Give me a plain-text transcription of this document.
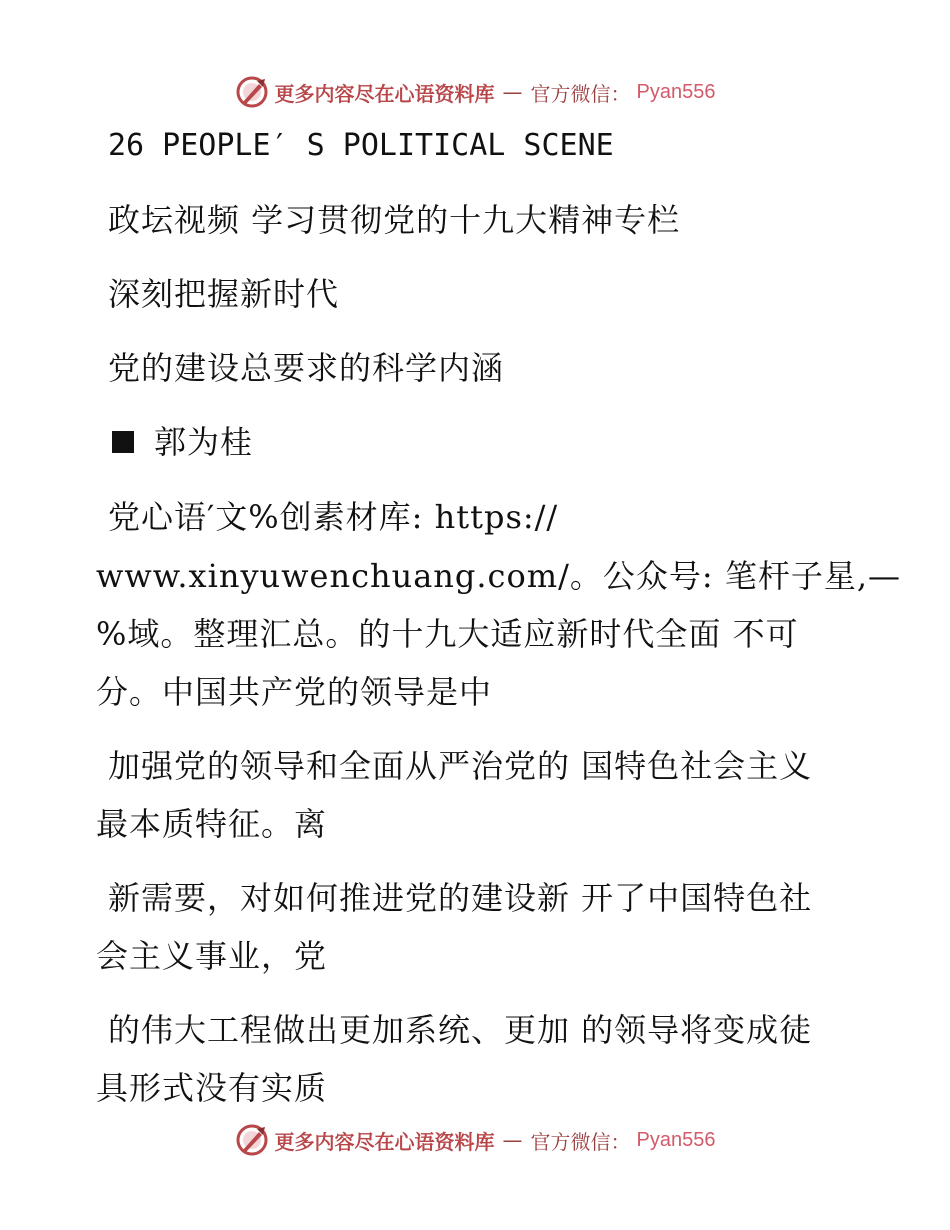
更多内容尽在心语资料库 — 官方微信： Pyan556
26 PEOPLE′ S POLITICAL SCENE
政坛视频 学习贯彻党的十九大精神专栏
深刻把握新时代
党的建设总要求的科学内涵
郭为桂
党心语′文%创素材库: https://
www.xinyuwenchuang.com/。公众号: 笔杆子星,—
%域。整理汇总。的十九大适应新时代全面 不可
分。中国共产党的领导是中
加强党的领导和全面从严治党的 国特色社会主义
最本质特征。离
新需要，对如何推进党的建设新 开了中国特色社
会主义事业，党
的伟大工程做出更加系统、更加 的领导将变成徒
具形式没有实质
更多内容尽在心语资料库 — 官方微信： Pyan556
